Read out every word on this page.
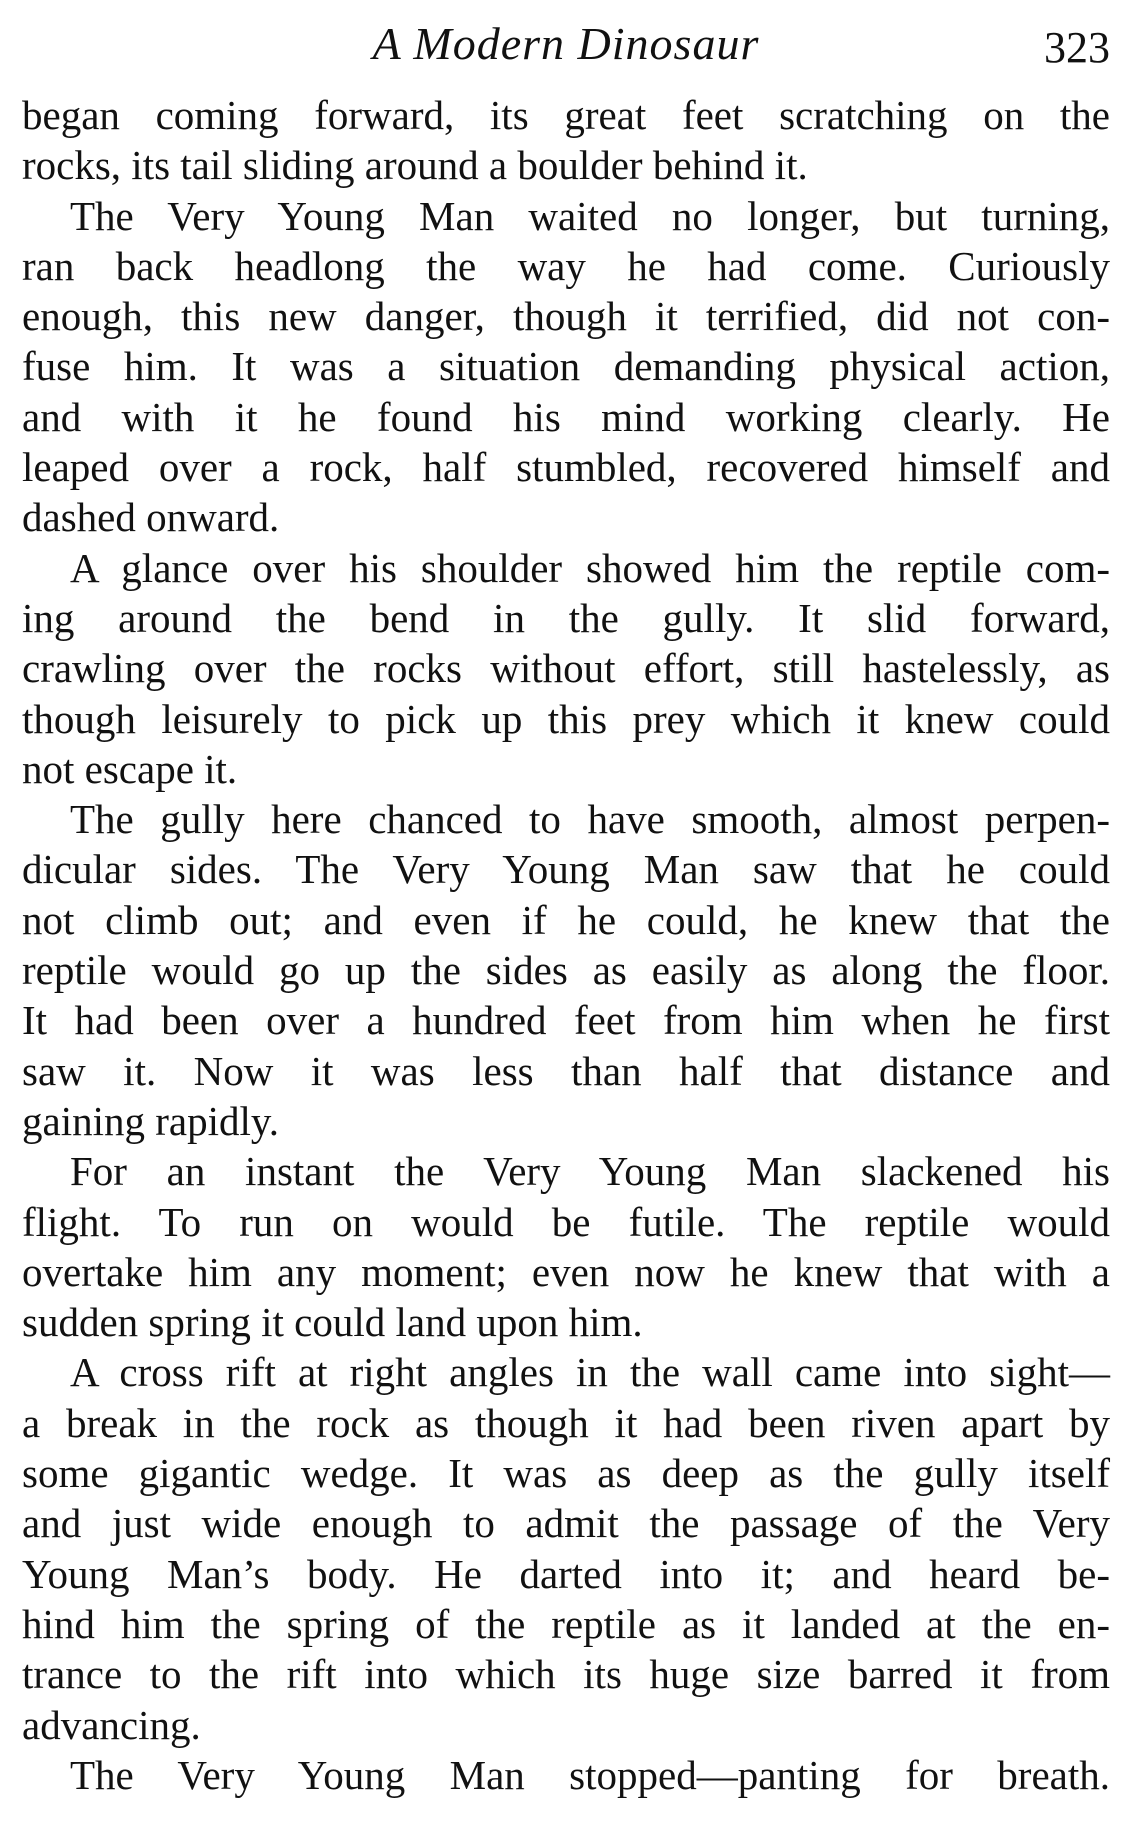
A Modern Dinosaur	323
began coming forward, its great feet scratching on the
rocks, its tail sliding around a boulder behind it.
The Very Young Man waited no longer, but turning,
ran back headlong the way he had come. Curiously
enough, this new danger, though it terrified, did not con-
fuse him. It was a situation demanding physical action,
and with it he found his mind working clearly. He
leaped over a rock, half stumbled, recovered himself and
dashed onward.
A glance over his shoulder showed him the reptile com-
ing around the bend in the gully. It slid forward,
crawling over the rocks without effort, still hastelessly, as
though leisurely to pick up this prey which it knew could
not escape it.
The gully here chanced to have smooth, almost perpen-
dicular sides. The Very Young Man saw that he could
not climb out; and even if he could, he knew that the
reptile would go up the sides as easily as along the floor.
It had been over a hundred feet from him when he first
saw it. Now it was less than half that distance and
gaining rapidly.
For an instant the Very Young Man slackened his
flight. To run on would be futile. The reptile would
overtake him any moment; even now he knew that with a
sudden spring it could land upon him.
A cross rift at right angles in the wall came into sight—
a break in the rock as though it had been riven apart by
some gigantic wedge. It was as deep as the gully itself
and just wide enough to admit the passage of the Very
Young Man’s body. He darted into it; and heard be-
hind him the spring of the reptile as it landed at the en-
trance to the rift into which its huge size barred it from
advancing.
The Very Young Man stopped—panting for breath.
